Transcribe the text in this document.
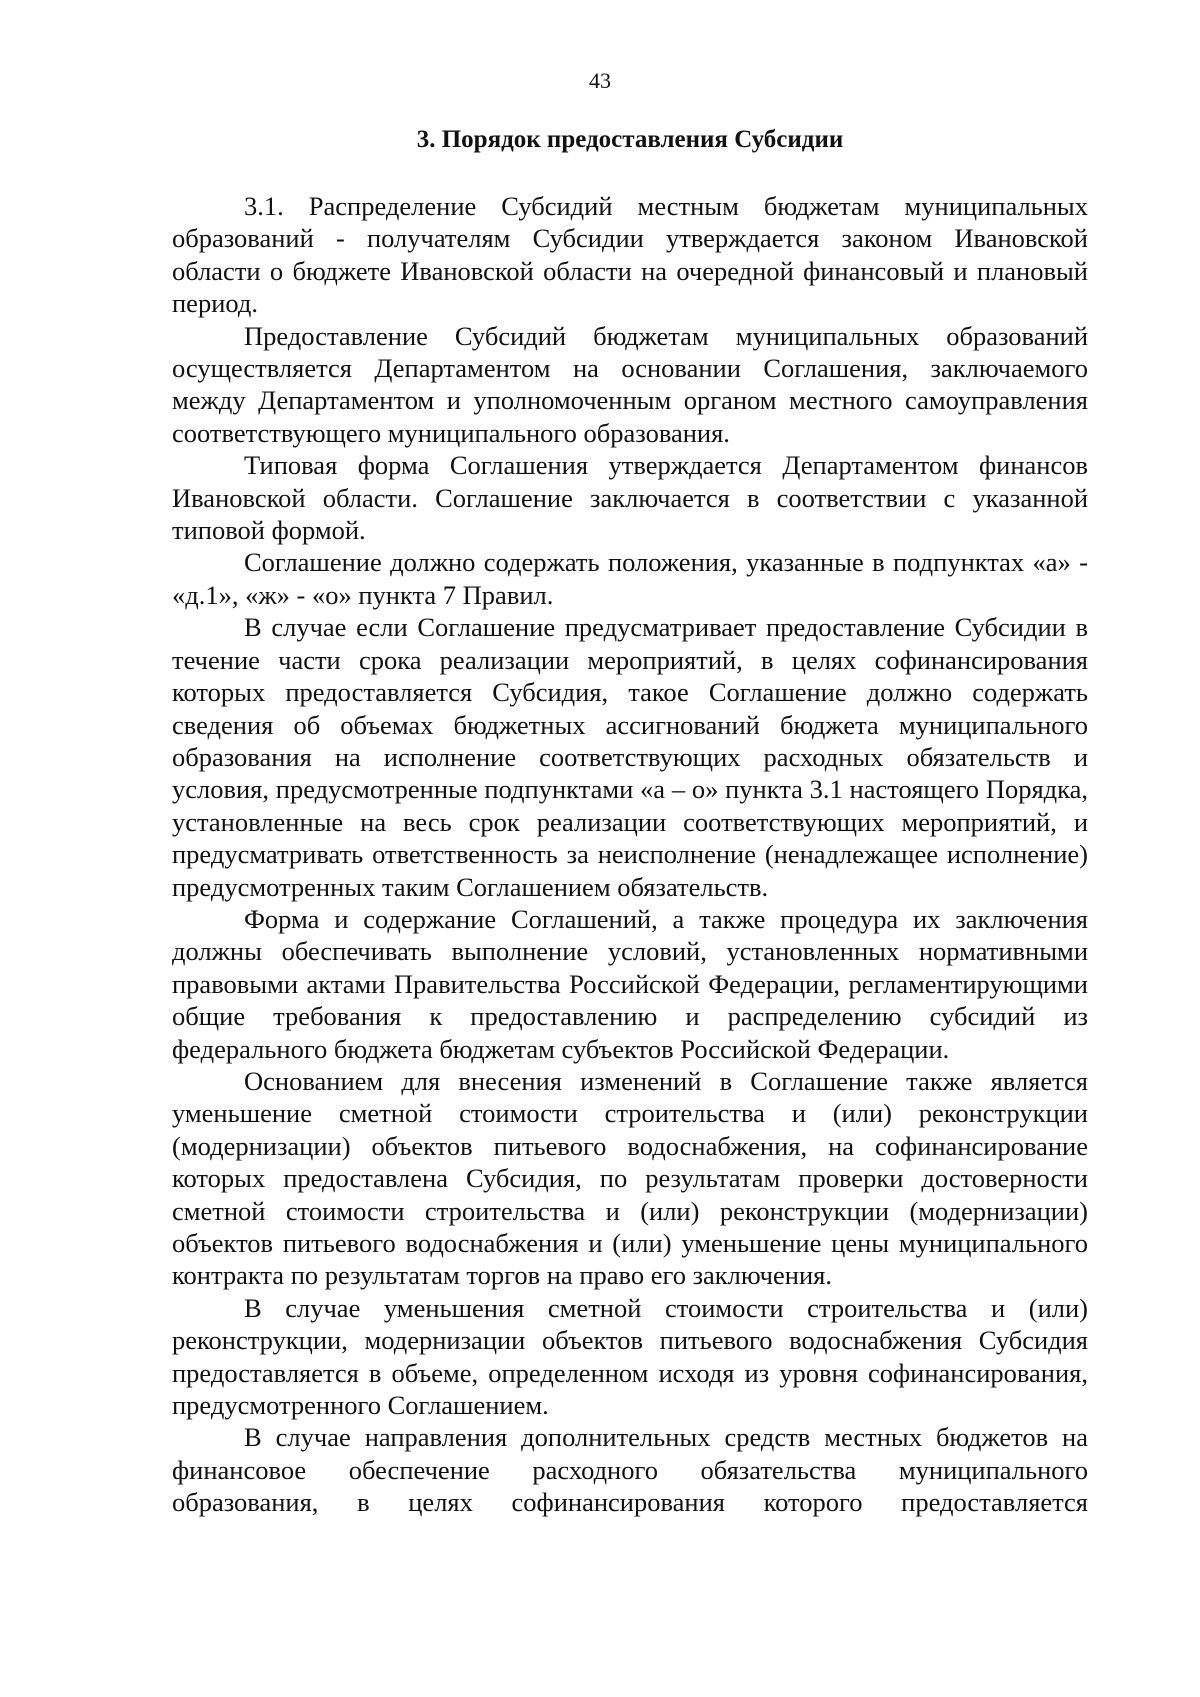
43
3. Порядок предоставления Субсидии

3.1. Распределение Субсидий местным бюджетам муниципальных образований - получателям Субсидии утверждается законом Ивановской области о бюджете Ивановской области на очередной финансовый и плановый период.

Предоставление Субсидий бюджетам муниципальных образований осуществляется Департаментом на основании Соглашения, заключаемого между Департаментом и уполномоченным органом местного самоуправления соответствующего муниципального образования.

Типовая форма Соглашения утверждается Департаментом финансов Ивановской области. Соглашение заключается в соответствии с указанной типовой формой.

Соглашение должно содержать положения, указанные в подпунктах «а» - «д.1», «ж» - «о» пункта 7 Правил.

В случае если Соглашение предусматривает предоставление Субсидии в течение части срока реализации мероприятий, в целях софинансирования которых предоставляется Субсидия, такое Соглашение должно содержать сведения об объемах бюджетных ассигнований бюджета муниципального образования на исполнение соответствующих расходных обязательств и условия, предусмотренные подпунктами «а – о» пункта 3.1 настоящего Порядка, установленные на весь срок реализации соответствующих мероприятий, и предусматривать ответственность за неисполнение (ненадлежащее исполнение) предусмотренных таким Соглашением обязательств.

Форма и содержание Соглашений, а также процедура их заключения должны обеспечивать выполнение условий, установленных нормативными правовыми актами Правительства Российской Федерации, регламентирующими общие требования к предоставлению и распределению субсидий из федерального бюджета бюджетам субъектов Российской Федерации.

Основанием для внесения изменений в Соглашение также является уменьшение сметной стоимости строительства и (или) реконструкции (модернизации) объектов питьевого водоснабжения, на софинансирование которых предоставлена Субсидия, по результатам проверки достоверности сметной стоимости строительства и (или) реконструкции (модернизации) объектов питьевого водоснабжения и (или) уменьшение цены муниципального контракта по результатам торгов на право его заключения.

В случае уменьшения сметной стоимости строительства и (или) реконструкции, модернизации объектов питьевого водоснабжения Субсидия предоставляется в объеме, определенном исходя из уровня софинансирования, предусмотренного Соглашением.

В случае направления дополнительных средств местных бюджетов на финансовое обеспечение расходного обязательства муниципального образования, в целях софинансирования которого предоставляется
